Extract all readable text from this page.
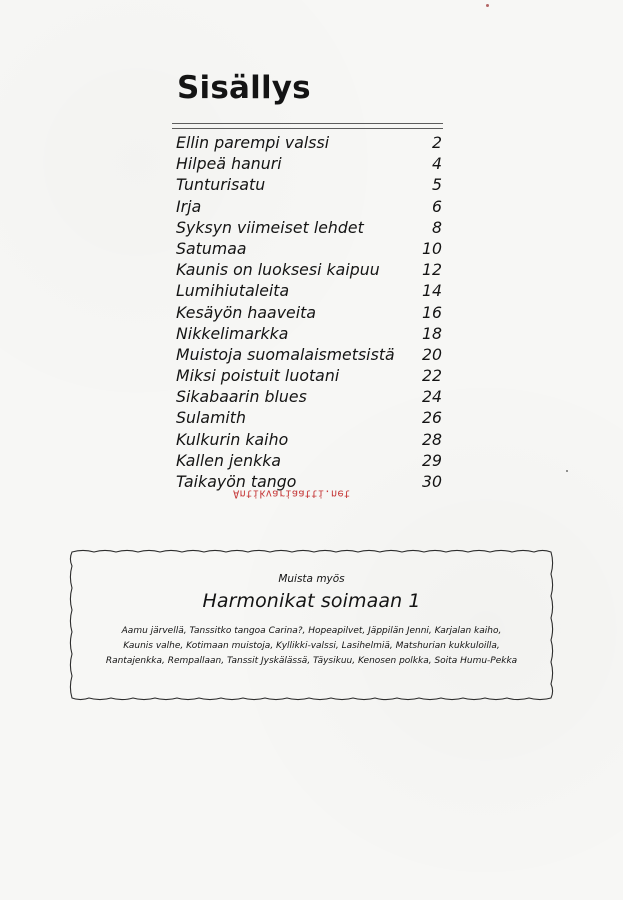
Sisällys
Ellin parempi valssi	2
Hilpeä hanuri	4
Tunturisatu	5
Irja	6
Syksyn viimeiset lehdet	8
Satumaa	10
Kaunis on luoksesi kaipuu	12
Lumihiutaleita	14
Kesäyön haaveita	16
Nikkelimarkka	18
Muistoja suomalaismetsistä 20
Miksi poistuit luotani	22
Sikabaarin blues	24
Sulamith	26
Kulkurin kaiho	28
Kallen jenkka	29
Taikayön tango	30
Antikvariaatti.net
Muista myös
Harmonikat soimaan 1
Aamu järvellä, Tanssitko tangoa Carina?, Hopeapilvet, Jäppilän Jenni, Karjalan kaiho,
Kaunis valhe, Kotimaan muistoja, Kyllikki-valssi, Lasihelmiä, Matshurian kukkuloilla,
Rantajenkka, Rempallaan, Tanssit Jyskälässä, Täysikuu, Kenosen polkka, Soita Humu-Pekka
